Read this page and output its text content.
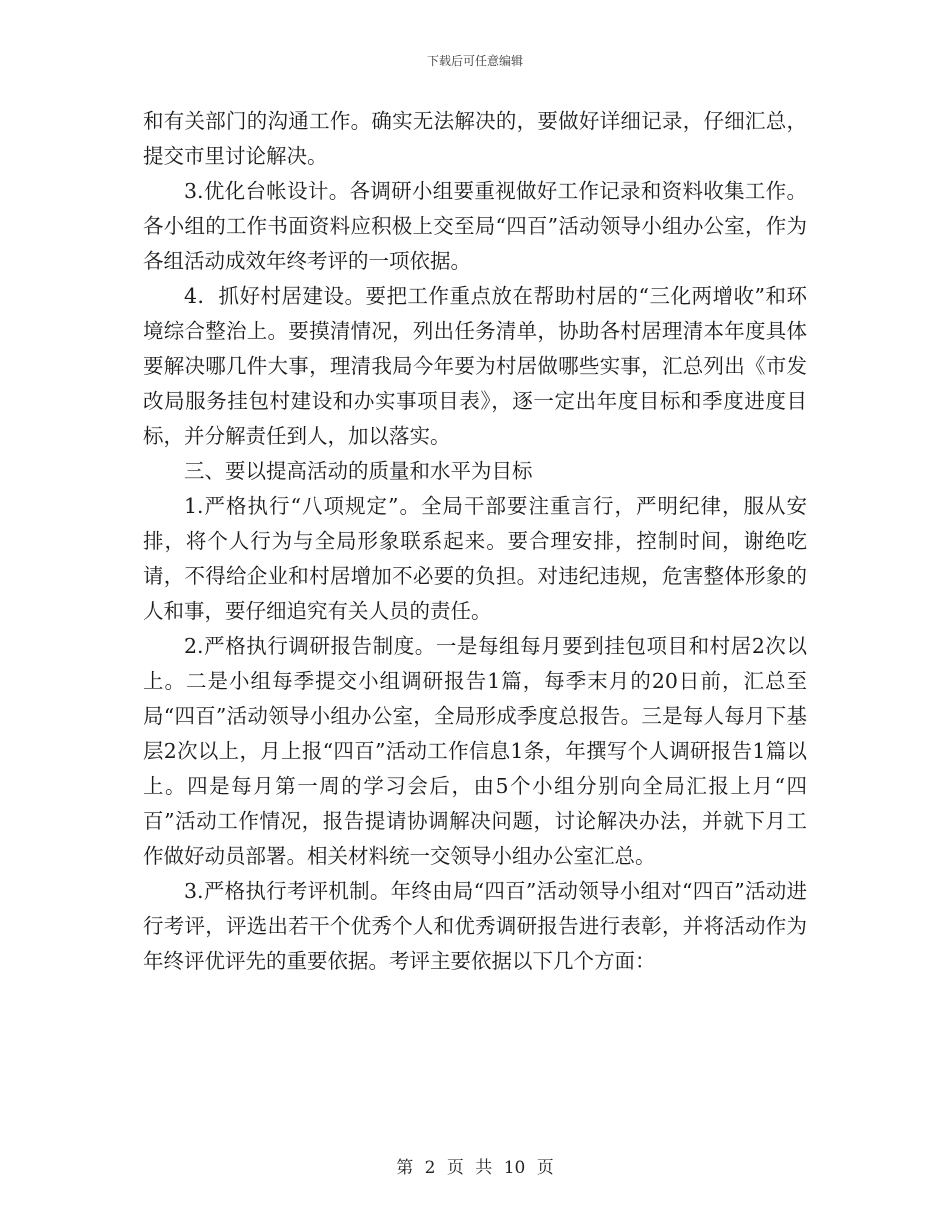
下载后可任意编辑

和有关部门的沟通工作。确实无法解决的，要做好详细记录，仔细汇总，提交市里讨论解决。

3.优化台帐设计。各调研小组要重视做好工作记录和资料收集工作。各小组的工作书面资料应积极上交至局“四百”活动领导小组办公室，作为各组活动成效年终考评的一项依据。

4．抓好村居建设。要把工作重点放在帮助村居的“三化两增收”和环境综合整治上。要摸清情况，列出任务清单，协助各村居理清本年度具体要解决哪几件大事，理清我局今年要为村居做哪些实事，汇总列出《市发改局服务挂包村建设和办实事项目表》，逐一定出年度目标和季度进度目标，并分解责任到人，加以落实。

三、要以提高活动的质量和水平为目标

1.严格执行“八项规定”。全局干部要注重言行，严明纪律，服从安排，将个人行为与全局形象联系起来。要合理安排，控制时间，谢绝吃请，不得给企业和村居增加不必要的负担。对违纪违规，危害整体形象的人和事，要仔细追究有关人员的责任。

2.严格执行调研报告制度。一是每组每月要到挂包项目和村居2次以上。二是小组每季提交小组调研报告1篇，每季末月的20日前，汇总至局“四百”活动领导小组办公室，全局形成季度总报告。三是每人每月下基层2次以上，月上报“四百”活动工作信息1条，年撰写个人调研报告1篇以上。四是每月第一周的学习会后，由5个小组分别向全局汇报上月“四百”活动工作情况，报告提请协调解决问题，讨论解决办法，并就下月工作做好动员部署。相关材料统一交领导小组办公室汇总。

3.严格执行考评机制。年终由局“四百”活动领导小组对“四百”活动进行考评，评选出若干个优秀个人和优秀调研报告进行表彰，并将活动作为年终评优评先的重要依据。考评主要依据以下几个方面：

第 2 页 共 10 页
